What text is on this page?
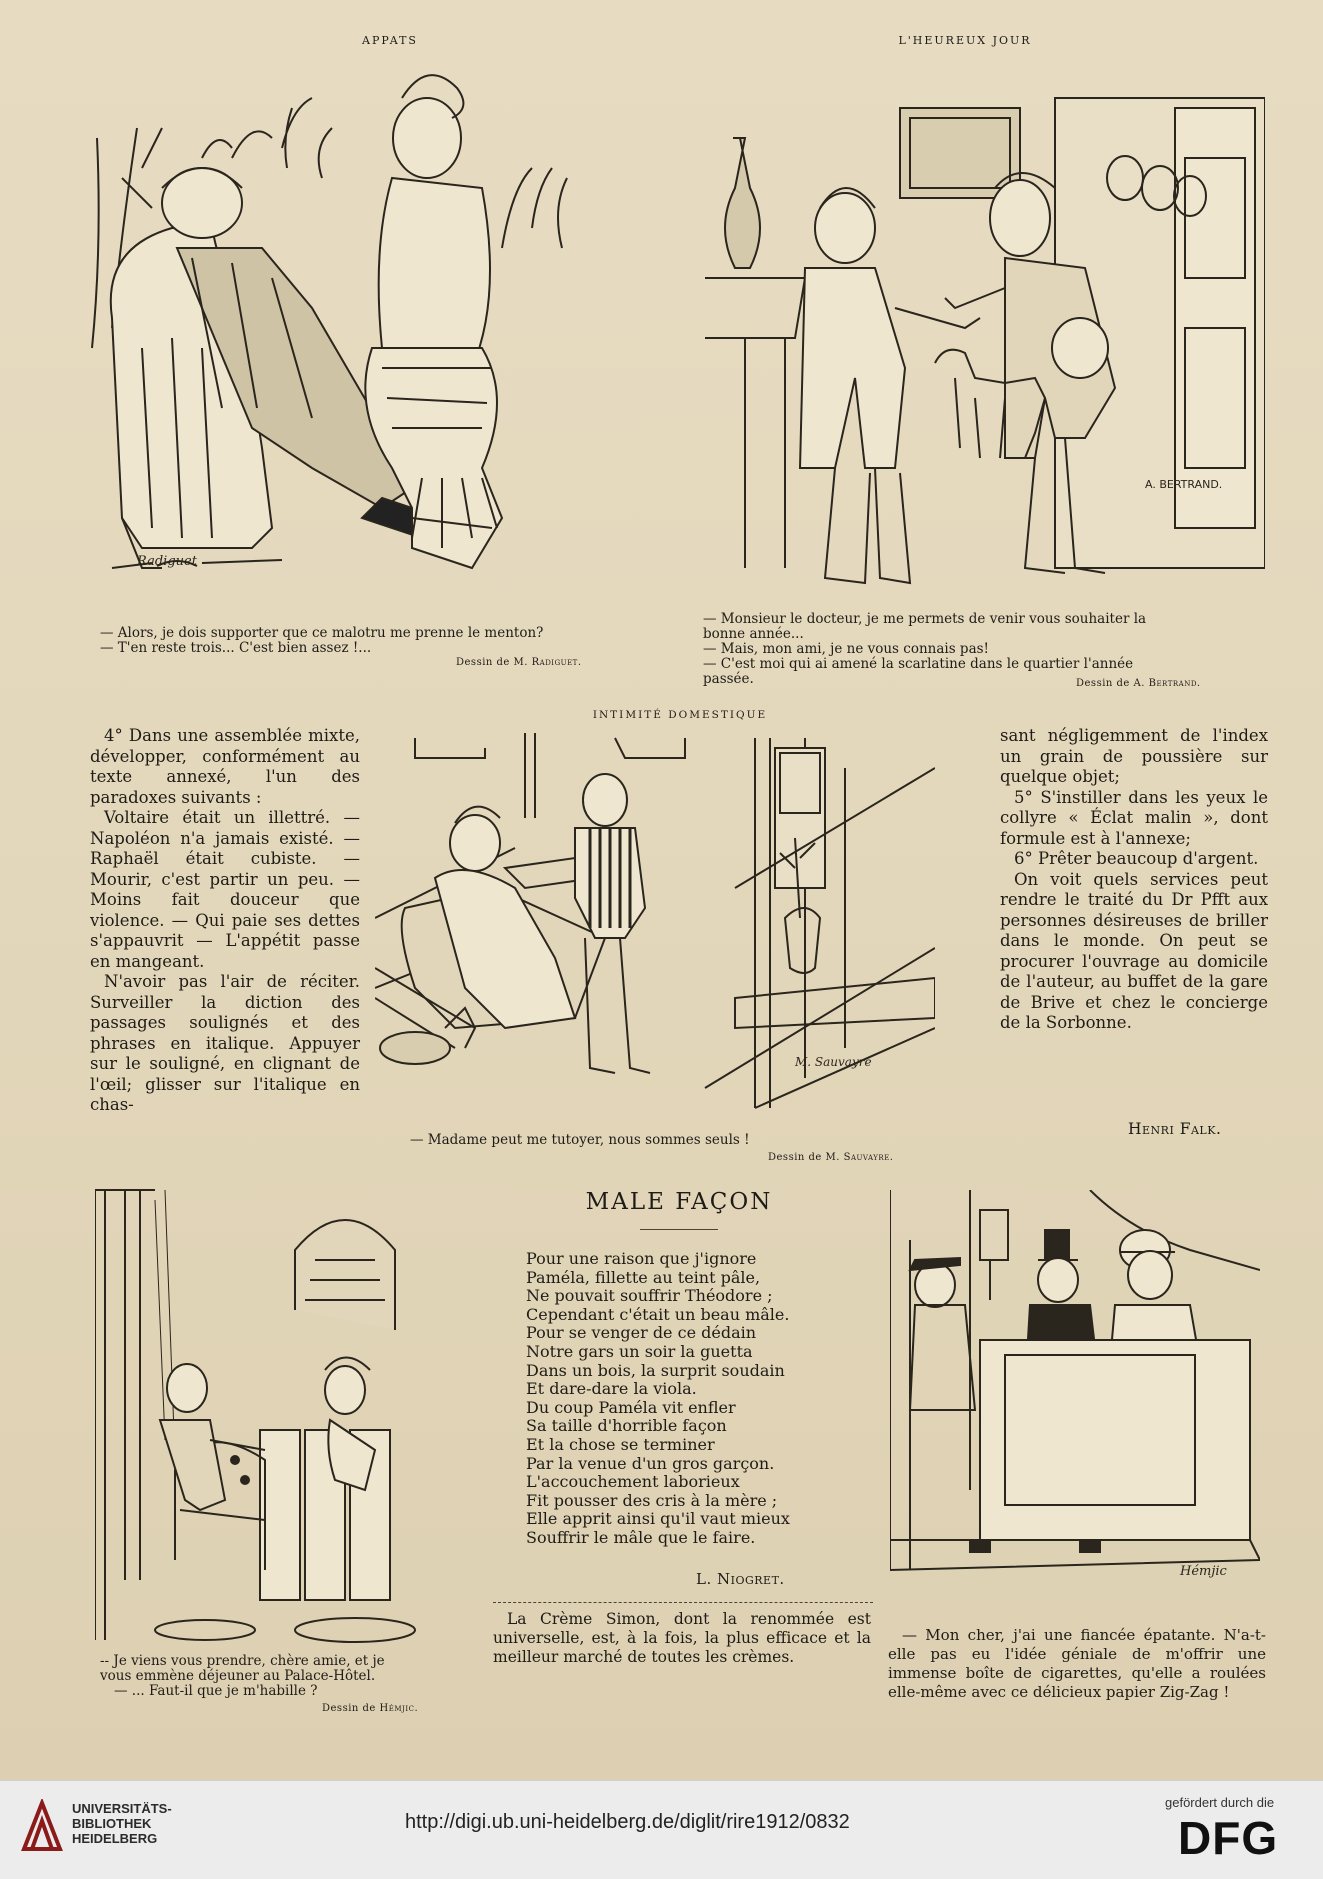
APPATS
Radiguet
— Alors, je dois supporter que ce malotru me prenne le menton?
— T'en reste trois... C'est bien assez !...
Dessin de M. Radiguet.
L'HEUREUX JOUR
A. BERTRAND.
— Monsieur le docteur, je me permets de venir vous souhaiter la
bonne année...
— Mais, mon ami, je ne vous connais pas!
— C'est moi qui ai amené la scarlatine dans le quartier l'année
passée.	Dessin de A. Bertrand.
INTIMITÉ DOMESTIQUE

4° Dans une assemblée mixte, développer, conformément au texte annexé, l'un des paradoxes suivants :

Voltaire était un illettré. — Napoléon n'a jamais existé. — Raphaël était cubiste. — Mourir, c'est partir un peu. — Moins fait douceur que violence. — Qui paie ses dettes s'appauvrit — L'appétit passe en mangeant.

N'avoir pas l'air de réciter. Surveiller la diction des passages soulignés et des phrases en italique. Appuyer sur le souligné, en clignant de l'œil; glisser sur l'italique en chas-

M. Sauvayre

sant négligemment de l'index un grain de poussière sur quelque objet;

5° S'instiller dans les yeux le collyre « Éclat malin », dont formule est à l'annexe;

6° Prêter beaucoup d'argent.

On voit quels services peut rendre le traité du Dr Pfft aux personnes désireuses de briller dans le monde. On peut se procurer l'ouvrage au domicile de l'auteur, au buffet de la gare de Brive et chez le concierge de la Sorbonne.

Henri Falk.
— Madame peut me tutoyer, nous sommes seuls !
Dessin de M. Sauvayre.
-- Je viens vous prendre, chère amie, et je
vous emmène déjeuner au Palace-Hôtel.
— ... Faut-il que je m'habille ?
Dessin de Hémjic.
MALE FAÇON
Pour une raison que j'ignore
Paméla, fillette au teint pâle,
Ne pouvait souffrir Théodore ;
Cependant c'était un beau mâle.
Pour se venger de ce dédain
Notre gars un soir la guetta
Dans un bois, la surprit soudain
Et dare-dare la viola.
Du coup Paméla vit enfler
Sa taille d'horrible façon
Et la chose se terminer
Par la venue d'un gros garçon.
L'accouchement laborieux
Fit pousser des cris à la mère ;
Elle apprit ainsi qu'il vaut mieux
Souffrir le mâle que le faire.
L. Niogret.

La Crème Simon, dont la renommée est universelle, est, à la fois, la plus efficace et la meilleur marché de toutes les crèmes.

Hémjic

— Mon cher, j'ai une fiancée épatante. N'a-t-elle pas eu l'idée géniale de m'offrir une immense boîte de cigarettes, qu'elle a roulées elle-même avec ce délicieux papier Zig-Zag !

UNIVERSITÄTS-
BIBLIOTHEK
HEIDELBERG
http://digi.ub.uni-heidelberg.de/diglit/rire1912/0832
gefördert durch die
DFG
